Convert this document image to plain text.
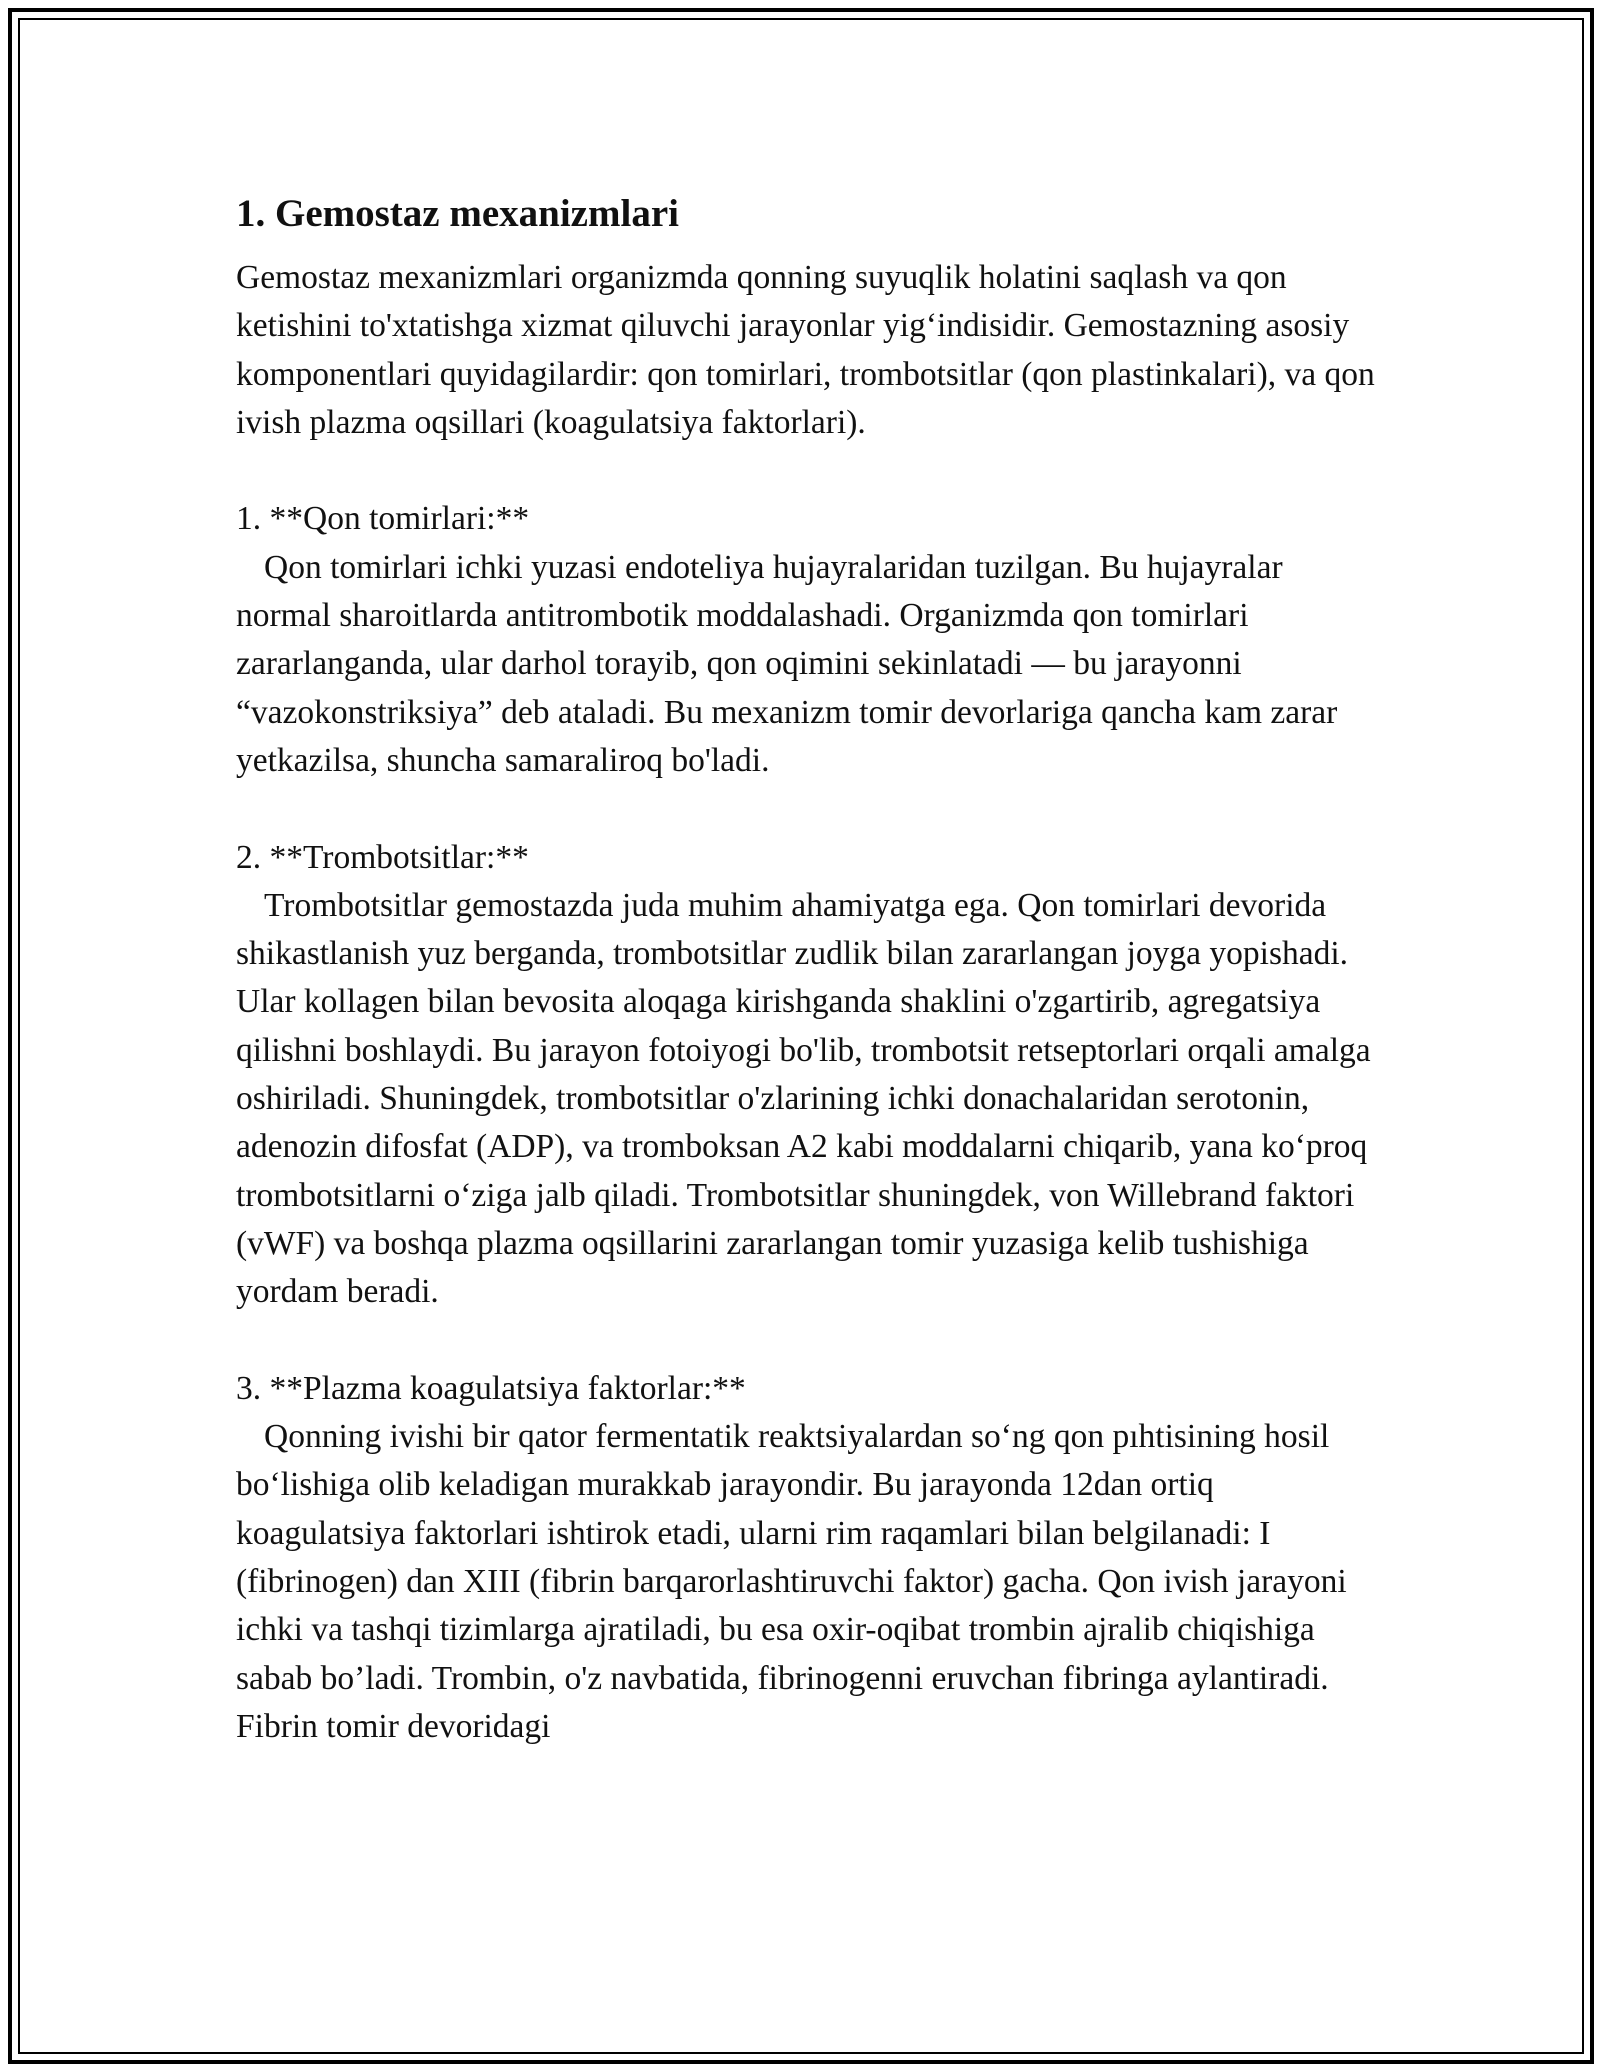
1. Gemostaz mexanizmlari

Gemostaz mexanizmlari organizmda qonning suyuqlik holatini saqlash va qon ketishini to'xtatishga xizmat qiluvchi jarayonlar yig‘indisidir. Gemostazning asosiy komponentlari quyidagilardir: qon tomirlari, trombotsitlar (qon plastinkalari), va qon ivish plazma oqsillari (koagulatsiya faktorlari).

1. **Qon tomirlari:**

Qon tomirlari ichki yuzasi endoteliya hujayralaridan tuzilgan. Bu hujayralar normal sharoitlarda antitrombotik moddalashadi. Organizmda qon tomirlari zararlanganda, ular darhol torayib, qon oqimini sekinlatadi — bu jarayonni “vazokonstriksiya” deb ataladi. Bu mexanizm tomir devorlariga qancha kam zarar yetkazilsa, shuncha samaraliroq bo'ladi.

2. **Trombotsitlar:**

Trombotsitlar gemostazda juda muhim ahamiyatga ega. Qon tomirlari devorida shikastlanish yuz berganda, trombotsitlar zudlik bilan zararlangan joyga yopishadi. Ular kollagen bilan bevosita aloqaga kirishganda shaklini o'zgartirib, agregatsiya qilishni boshlaydi. Bu jarayon fotoiyogi bo'lib, trombotsit retseptorlari orqali amalga oshiriladi. Shuningdek, trombotsitlar o'zlarining ichki donachalaridan serotonin, adenozin difosfat (ADP), va tromboksan A2 kabi moddalarni chiqarib, yana ko‘proq trombotsitlarni o‘ziga jalb qiladi. Trombotsitlar shuningdek, von Willebrand faktori (vWF) va boshqa plazma oqsillarini zararlangan tomir yuzasiga kelib tushishiga yordam beradi.

3. **Plazma koagulatsiya faktorlar:**

Qonning ivishi bir qator fermentatik reaktsiyalardan so‘ng qon pıhtisining hosil bo‘lishiga olib keladigan murakkab jarayondir. Bu jarayonda 12dan ortiq koagulatsiya faktorlari ishtirok etadi, ularni rim raqamlari bilan belgilanadi: I (fibrinogen) dan XIII (fibrin barqarorlashtiruvchi faktor) gacha. Qon ivish jarayoni ichki va tashqi tizimlarga ajratiladi, bu esa oxir-oqibat trombin ajralib chiqishiga sabab bo’ladi. Trombin, o'z navbatida, fibrinogenni eruvchan fibringa aylantiradi. Fibrin tomir devoridagi
